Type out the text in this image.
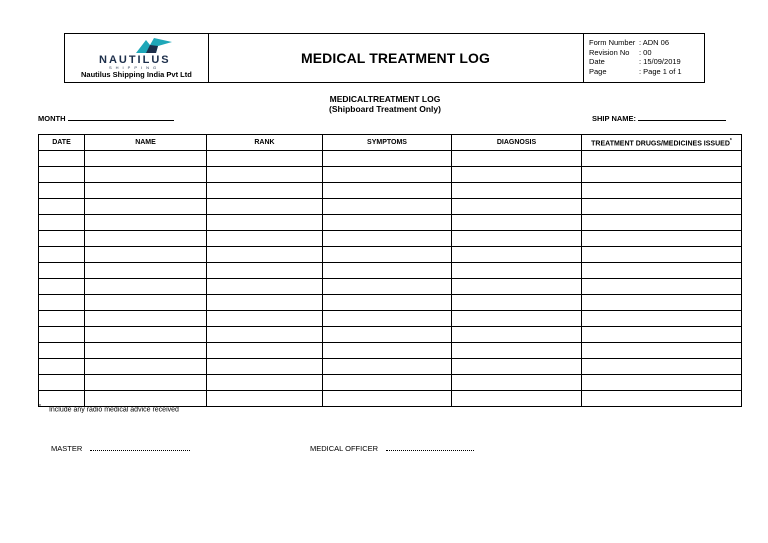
NAUTILUS
SHIPPING
Nautilus Shipping India Pvt Ltd
MEDICAL TREATMENT LOG
Form Number : ADN 06
Revision No	: 00
Date	: 15/09/2019
Page	: Page 1 of 1
MEDICALTREATMENT LOG
(Shipboard Treatment Only)
MONTH	SHIP NAME:
DATE	NAME	RANK	SYMPTOMS	DIAGNOSIS	TREATMENT DRUGS/MEDICINES ISSUED*

* Include any radio medical advice received
MASTER	MEDICAL OFFICER
